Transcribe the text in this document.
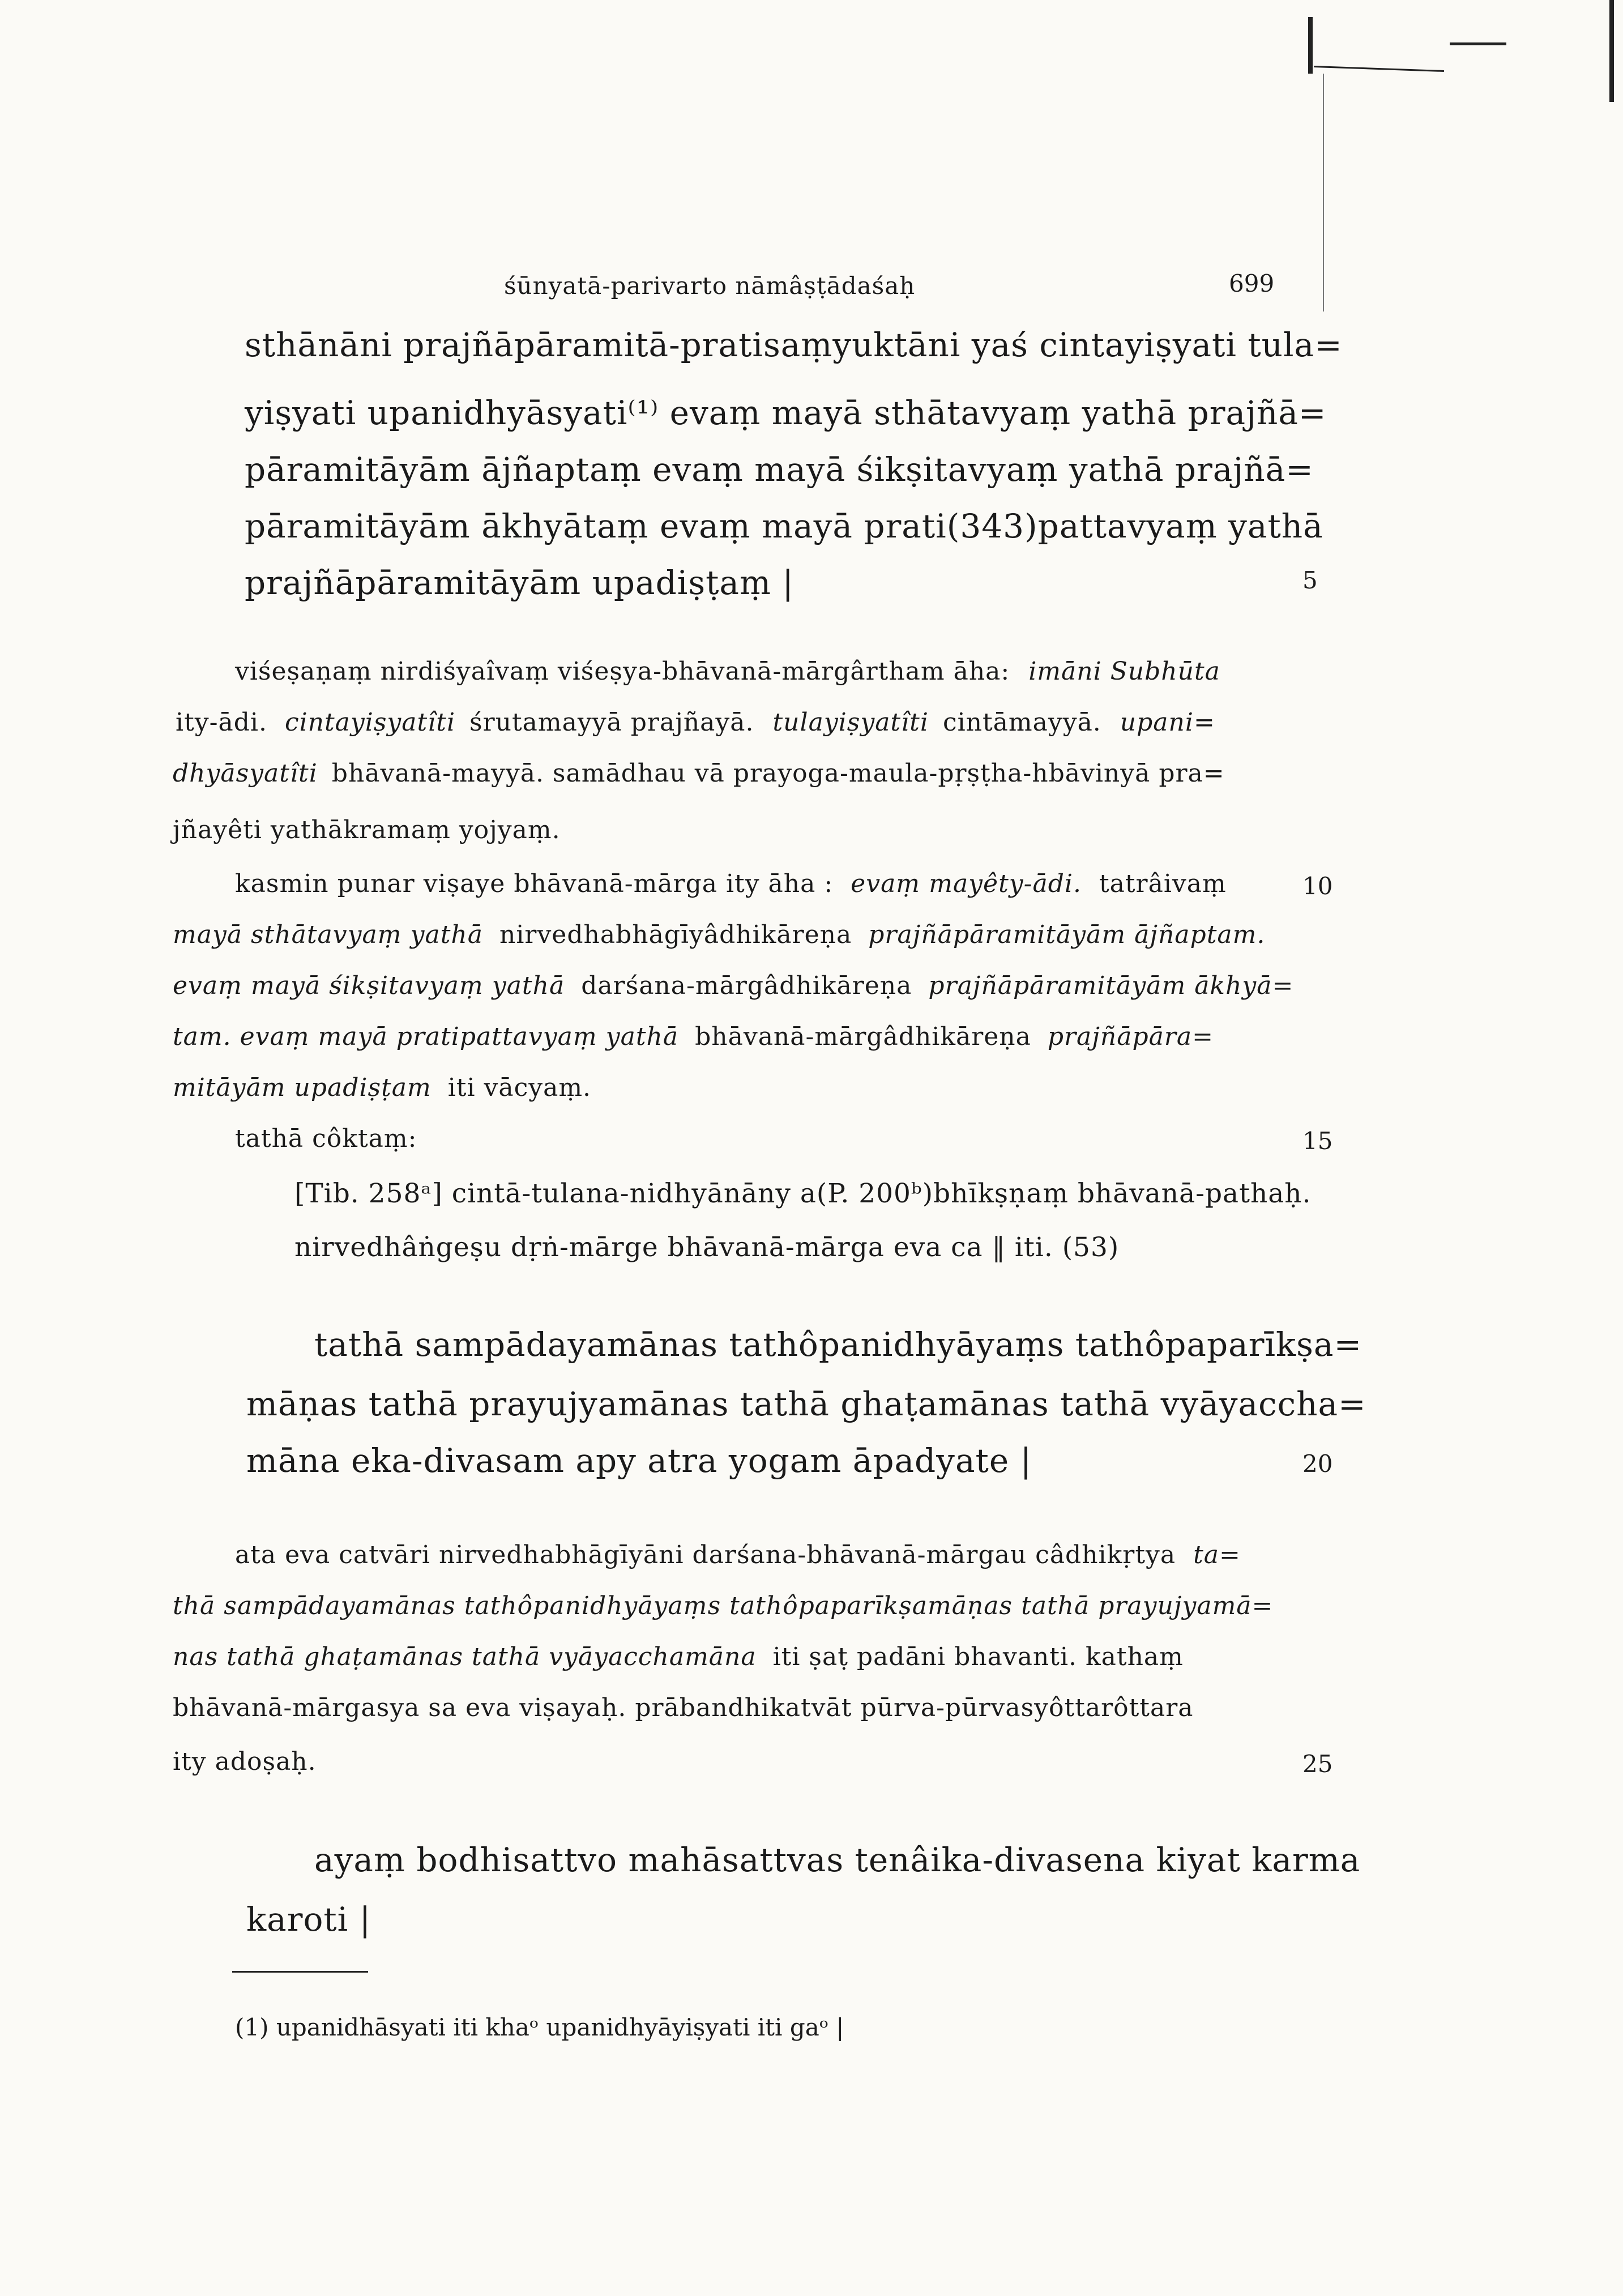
śūnyatā-parivarto nāmâṣṭādaśaḥ	699
sthānāni prajñāpāramitā-pratisaṃyuktāni yaś cintayiṣyati tula=
yiṣyati upanidhyāsyati⁽¹⁾ evaṃ mayā sthātavyaṃ yathā prajñā=
pāramitāyām ājñaptaṃ evaṃ mayā śikṣitavyaṃ yathā prajñā=
pāramitāyām ākhyātaṃ evaṃ mayā prati(343)pattavyaṃ yathā
prajñāpāramitāyām upadiṣṭaṃ |	5
viśeṣaṇaṃ nirdiśyaîvaṃ viśeṣya-bhāvanā-mārgârtham āha: imāni Subhūta
ity-ādi. cintayiṣyatîti śrutamayyā prajñayā. tulayiṣyatîti cintāmayyā. upani=
dhyāsyatîti bhāvanā-mayyā. samādhau vā prayoga-maula-pṛṣṭha-hbāvinyā pra=
jñayêti yathākramaṃ yojyaṃ.
kasmin punar viṣaye bhāvanā-mārga ity āha : evaṃ mayêty-ādi. tatrâivaṃ	10
mayā sthātavyaṃ yathā nirvedhabhāgīyâdhikāreṇa prajñāpāramitāyām ājñaptam.
evaṃ mayā śikṣitavyaṃ yathā darśana-mārgâdhikāreṇa prajñāpāramitāyām ākhyā=
tam. evaṃ mayā pratipattavyaṃ yathā bhāvanā-mārgâdhikāreṇa prajñāpāra=
mitāyām upadiṣṭam iti vācyaṃ.
tathā côktaṃ:	15
[Tib. 258ᵃ] cintā-tulana-nidhyānāny a(P. 200ᵇ)bhīkṣṇaṃ bhāvanā-pathaḥ.
nirvedhâṅgeṣu dṛṅ-mārge bhāvanā-mārga eva ca ‖ iti. (53)
tathā sampādayamānas tathôpanidhyāyaṃs tathôpaparīkṣa=
māṇas tathā prayujyamānas tathā ghaṭamānas tathā vyāyaccha=
māna eka-divasam apy atra yogam āpadyate |	20
ata eva catvāri nirvedhabhāgīyāni darśana-bhāvanā-mārgau câdhikṛtya ta=
thā sampādayamānas tathôpanidhyāyaṃs tathôpaparīkṣamāṇas tathā prayujyamā=
nas tathā ghaṭamānas tathā vyāyacchamāna iti ṣaṭ padāni bhavanti. kathaṃ
bhāvanā-mārgasya sa eva viṣayaḥ. prābandhikatvāt pūrva-pūrvasyôttarôttara
ity adoṣaḥ.	25
ayaṃ bodhisattvo mahāsattvas tenâika-divasena kiyat karma
karoti |
(1) upanidhāsyati iti khaᵒ upanidhyāyiṣyati iti gaᵒ |
